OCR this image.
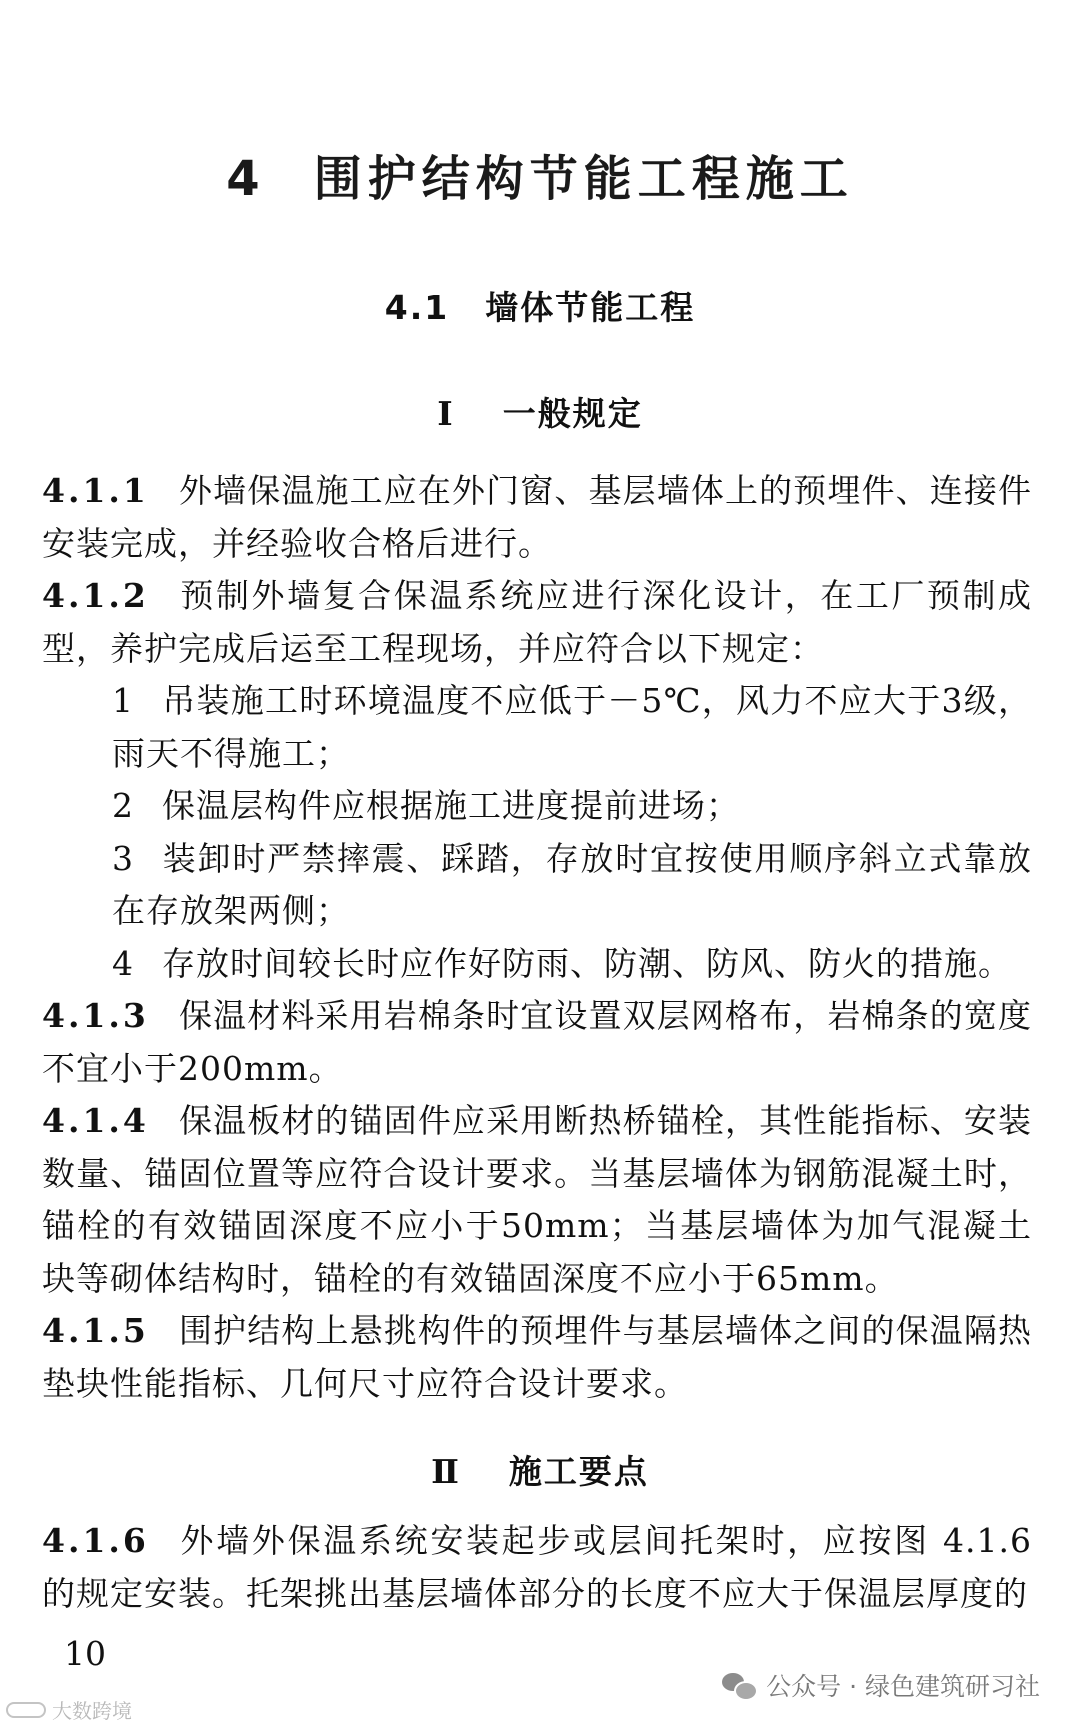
4 围护结构节能工程施工
4.1 墙体节能工程
Ⅰ 一般规定

4.1.1 外墙保温施工应在外门窗、基层墙体上的预埋件、连接件安装完成，并经验收合格后进行。

4.1.2 预制外墙复合保温系统应进行深化设计，在工厂预制成型，养护完成后运至工程现场，并应符合以下规定：

1 吊装施工时环境温度不应低于－5℃，风力不应大于3级，雨天不得施工；

2 保温层构件应根据施工进度提前进场；

3 装卸时严禁摔震、踩踏，存放时宜按使用顺序斜立式靠放在存放架两侧；

4 存放时间较长时应作好防雨、防潮、防风、防火的措施。

4.1.3 保温材料采用岩棉条时宜设置双层网格布，岩棉条的宽度不宜小于200mm。

4.1.4 保温板材的锚固件应采用断热桥锚栓，其性能指标、安装数量、锚固位置等应符合设计要求。当基层墙体为钢筋混凝土时，锚栓的有效锚固深度不应小于50mm；当基层墙体为加气混凝土块等砌体结构时，锚栓的有效锚固深度不应小于65mm。

4.1.5 围护结构上悬挑构件的预埋件与基层墙体之间的保温隔热垫块性能指标、几何尺寸应符合设计要求。

Ⅱ 施工要点

4.1.6 外墙外保温系统安装起步或层间托架时，应按图 4.1.6 的规定安装。托架挑出基层墙体部分的长度不应大于保温层厚度的

10
公众号 · 绿色建筑研习社
大数跨境
